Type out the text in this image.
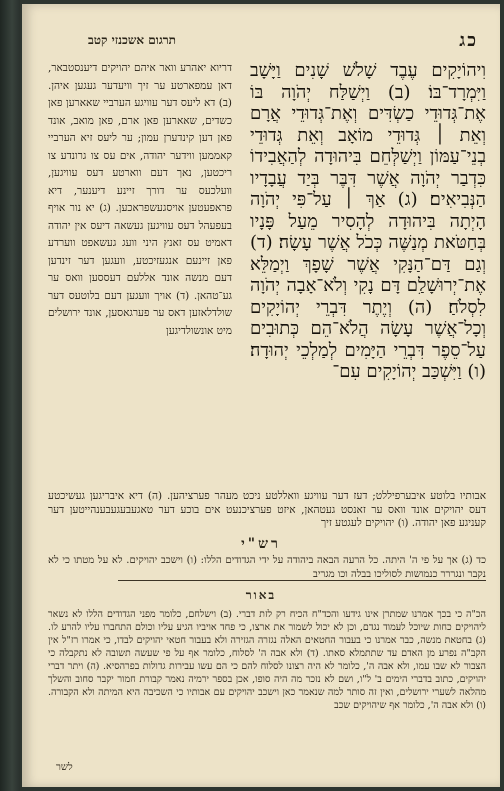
כג
תרגום אשכנזי קטב
וִיהוֹיָקִים עֶבֶד שָׁלֹשׁ שָׁנִים וַיָּשָׁב וַיִּמְרָד־בּוֹ׃ (ב) וַיְשַׁלַּח יְהֹוָה בּוֹ אֶת־גְּדוּדֵי כַשְׂדִּים וְאֶת־גְּדוּדֵי אֲרָם וְאֵת ׀ גְּדוּדֵי מוֹאָב וְאֵת גְּדוּדֵי בְנֵי־עַמּוֹן וַיְשַׁלְּחֵם בִּיהוּדָה לְהַאֲבִידוֹ כִּדְבַר יְהֹוָה אֲשֶׁר דִּבֶּר בְּיַד עֲבָדָיו הַנְּבִיאִים׃ (ג) אַךְ ׀ עַל־פִּי יְהֹוָה הָיְתָה בִּיהוּדָה לְהָסִיר מֵעַל פָּנָיו בְּחַטֹּאת מְנַשֶּׁה כְּכֹל אֲשֶׁר עָשָׂה׃ (ד) וְגַם דַּם־הַנָּקִי אֲשֶׁר שָׁפָךְ וַיְמַלֵּא אֶת־יְרוּשָׁלַ͏ִם דָּם נָקִי וְלֹא־אָבָה יְהֹוָה לִסְלֹחַ׃ (ה) וְיֶתֶר דִּבְרֵי יְהוֹיָקִים וְכָל־אֲשֶׁר עָשָׂה הֲלֹא־הֵם כְּתוּבִים עַל־סֵפֶר דִּבְרֵי הַיָּמִים לְמַלְכֵי יְהוּדָה׃ (ו) וַיִּשְׁכַּב יְהוֹיָקִים עִם־
דריוא יאהרע וואר איהם יהויקים דיענסטבאר, דאן עמפארטע ער זיך וויעדער געגען איהן. (ב) דא ליעס דער עוויגע הערביי שאארען פאן כשדים, שאארען פאן ארם, פאן מואב, אונד פאן דען קינדערן עמון; ער ליעס זיא הערביי קאממען ווידער יהודה, אים עס צו גרונדע צו ריכטען, נאך דעם ווארטע דעס עוויגען, וועלכעס ער דורך זיינע דיענער, דיא פראפעטען אויסגעשפראכען. (ג) יא נור אויף בעפעהל דעס עוויגען געשאה דיעס אין יהודה דאמיט עס זאנץ היני וועג געשאפט ווערדע פאן זיינעם אנגעזיכטע, וועגען דער זינדען דעם מנשה אונד אללעם דעססען וואס ער גע־טהאן. (ד) אויך וועגען דעם בלוטעס דער שולדלאזען דאס ער פערגאסען, אונד ירושלים מיט אונשולדיגען
אבותיו בלוטע איבערפיללט; דעז דער עוויגע וואללטע ניכט מעהר פערציהען. (ה) דיא איבריגען געשיכטע דעס יהויקים אונד וואס ער זאנסט געטהאן, איזט פערציכנעט אים בוכע דער טאגעבעגעבענהייטען דער קעניגע פאן יהודה. (ו) יהויקים לעגטע זיך
רש"י
כד (ג) אך על פי ה' היתה. כל הרעה הבאה ביהודה על ידי הגדודים הללו: (ו) וישכב יהויקים. לא על מטתו כי לא נקבר ונגררר כנמושות לסוליכו בבלה וכו מגריב
באור
הכ"ה כי בכך אמרנו שמתרן אינו גידעו והכד"ח הכיח רק לזת דברי. (ב) וישלחם, כלומר מפני הגדודים הללו לא נשאר ליהויקים כחות שיוכל לעמוד נגדם, וכן לא יכול לשמור את ארצו, כי פחד אויביו הגיע עליו וכולם התחברו עליו להרע לו. (ג) בחטאת מנשה, כבר אמרנו כי בעבור החטאים האלה נגזרה הגזירה ולא בעבור חטאי יהויקים לבדו, כי אמרו רז"ל אין הקב"ה נפרע מן האדם עד שתתמלא סאתו. (ד) ולא אבה ה' לסלוח, כלומר אף על פי שעשה תשובה לא נתקבלה כי הצבור לא שבו עמו, ולא אבה ה', כלומר לא היה רצונו לסלוח להם כי הם עשו עבירות גדולות בפרהסיא. (ה) ויתר דברי יהויקים, כתוב בדברי הימים ב' ל"ו, ושם לא נזכר מה היה סופו, אכן בספר ירמיה נאמר קבורת חמור יקבר סחוב והשלך מהלאה לשערי ירושלים, ואין זה סותר למה שנאמר כאן וישכב יהויקים עם אבותיו כי השכיבה היא המיתה ולא הקבורה. (ו) ולא אבה ה', כלומר אף שיהויקים שכב
לשר
